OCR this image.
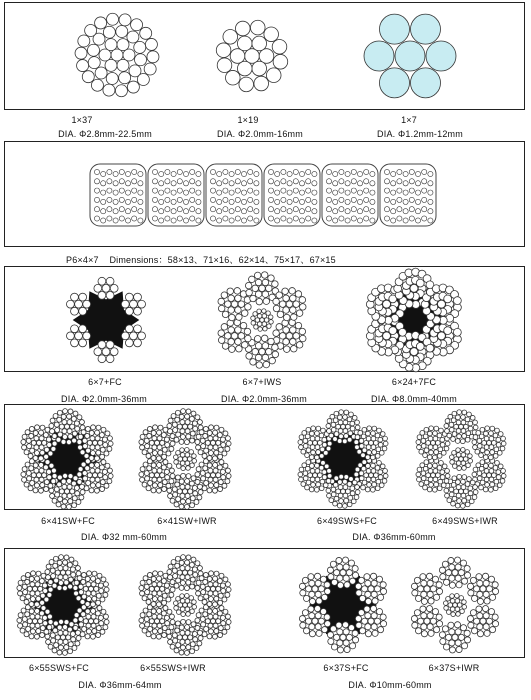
1×37
DIA. Φ2.8mm-22.5mm
1×19
DIA. Φ2.0mm-16mm
1×7
DIA. Φ1.2mm-12mm
P6×4×7 Dimensions：58×13、71×16、62×14、75×17、67×15
6×7+FC
DIA. Φ2.0mm-36mm
6×7+IWS
DIA. Φ2.0mm-36mm
6×24+7FC
DIA. Φ8.0mm-40mm
6×41SW+FC	6×41SW+IWR	6×49SWS+FC	6×49SWS+IWR
DIA. Φ32 mm-60mm	DIA. Φ36mm-60mm
6×55SWS+FC	6×55SWS+IWR	6×37S+FC	6×37S+IWR
DIA. Φ36mm-64mm	DIA. Φ10mm-60mm
